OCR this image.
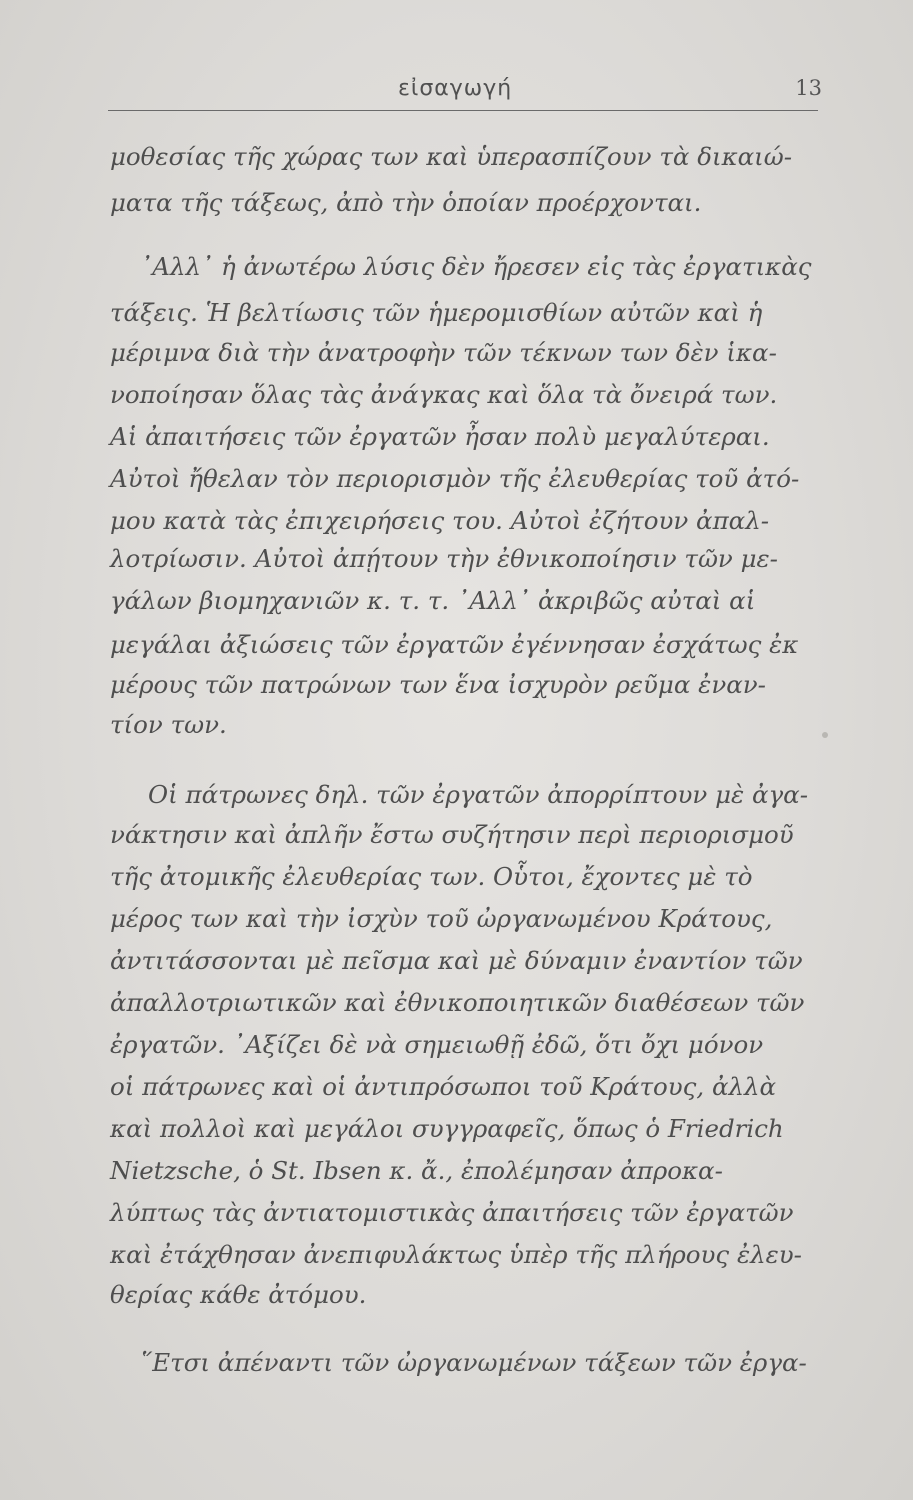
εἰσαγωγή	13
μοθεσίας τῆς χώρας των καὶ ὑπερασπίζουν τὰ δικαιώ-
ματα τῆς τάξεως, ἀπὸ τὴν ὁποίαν προέρχονται.
᾿Αλλ᾿ ἡ ἀνωτέρω λύσις δὲν ἤρεσεν εἰς τὰς ἐργατικὰς
τάξεις. Ἡ βελτίωσις τῶν ἡμερομισθίων αὐτῶν καὶ ἡ
μέριμνα διὰ τὴν ἀνατροφὴν τῶν τέκνων των δὲν ἱκα-
νοποίησαν ὅλας τὰς ἀνάγκας καὶ ὅλα τὰ ὄνειρά των.
Αἱ ἀπαιτήσεις τῶν ἐργατῶν ἦσαν πολὺ μεγαλύτεραι.
Αὐτοὶ ἤθελαν τὸν περιορισμὸν τῆς ἐλευθερίας τοῦ ἀτό-
μου κατὰ τὰς ἐπιχειρήσεις του. Αὐτοὶ ἐζήτουν ἀπαλ-
λοτρίωσιν. Αὐτοὶ ἀπῄτουν τὴν ἐθνικοποίησιν τῶν με-
γάλων βιομηχανιῶν κ. τ. τ. ᾿Αλλ᾿ ἀκριβῶς αὐταὶ αἱ
μεγάλαι ἀξιώσεις τῶν ἐργατῶν ἐγέννησαν ἐσχάτως ἐκ
μέρους τῶν πατρώνων των ἕνα ἰσχυρὸν ρεῦμα ἐναν-
τίον των.
Οἱ πάτρωνες δηλ. τῶν ἐργατῶν ἀπορρίπτουν μὲ ἀγα-
νάκτησιν καὶ ἀπλῆν ἔστω συζήτησιν περὶ περιορισμοῦ
τῆς ἀτομικῆς ἐλευθερίας των. Οὗτοι, ἔχοντες μὲ τὸ
μέρος των καὶ τὴν ἰσχὺν τοῦ ὠργανωμένου Κράτους,
ἀντιτάσσονται μὲ πεῖσμα καὶ μὲ δύναμιν ἐναντίον τῶν
ἀπαλλοτριωτικῶν καὶ ἐθνικοποιητικῶν διαθέσεων τῶν
ἐργατῶν. ᾿Αξίζει δὲ νὰ σημειωθῇ ἐδῶ, ὅτι ὄχι μόνον
οἱ πάτρωνες καὶ οἱ ἀντιπρόσωποι τοῦ Κράτους, ἀλλὰ
καὶ πολλοὶ καὶ μεγάλοι συγγραφεῖς, ὅπως ὁ Friedrich
Nietzsche, ὁ St. Ibsen κ. ἄ., ἐπολέμησαν ἀπροκα-
λύπτως τὰς ἀντιατομιστικὰς ἀπαιτήσεις τῶν ἐργατῶν
καὶ ἐτάχθησαν ἀνεπιφυλάκτως ὑπὲρ τῆς πλήρους ἐλευ-
θερίας κάθε ἀτόμου.
῞Ετσι ἀπέναντι τῶν ὠργανωμένων τάξεων τῶν ἐργα-
